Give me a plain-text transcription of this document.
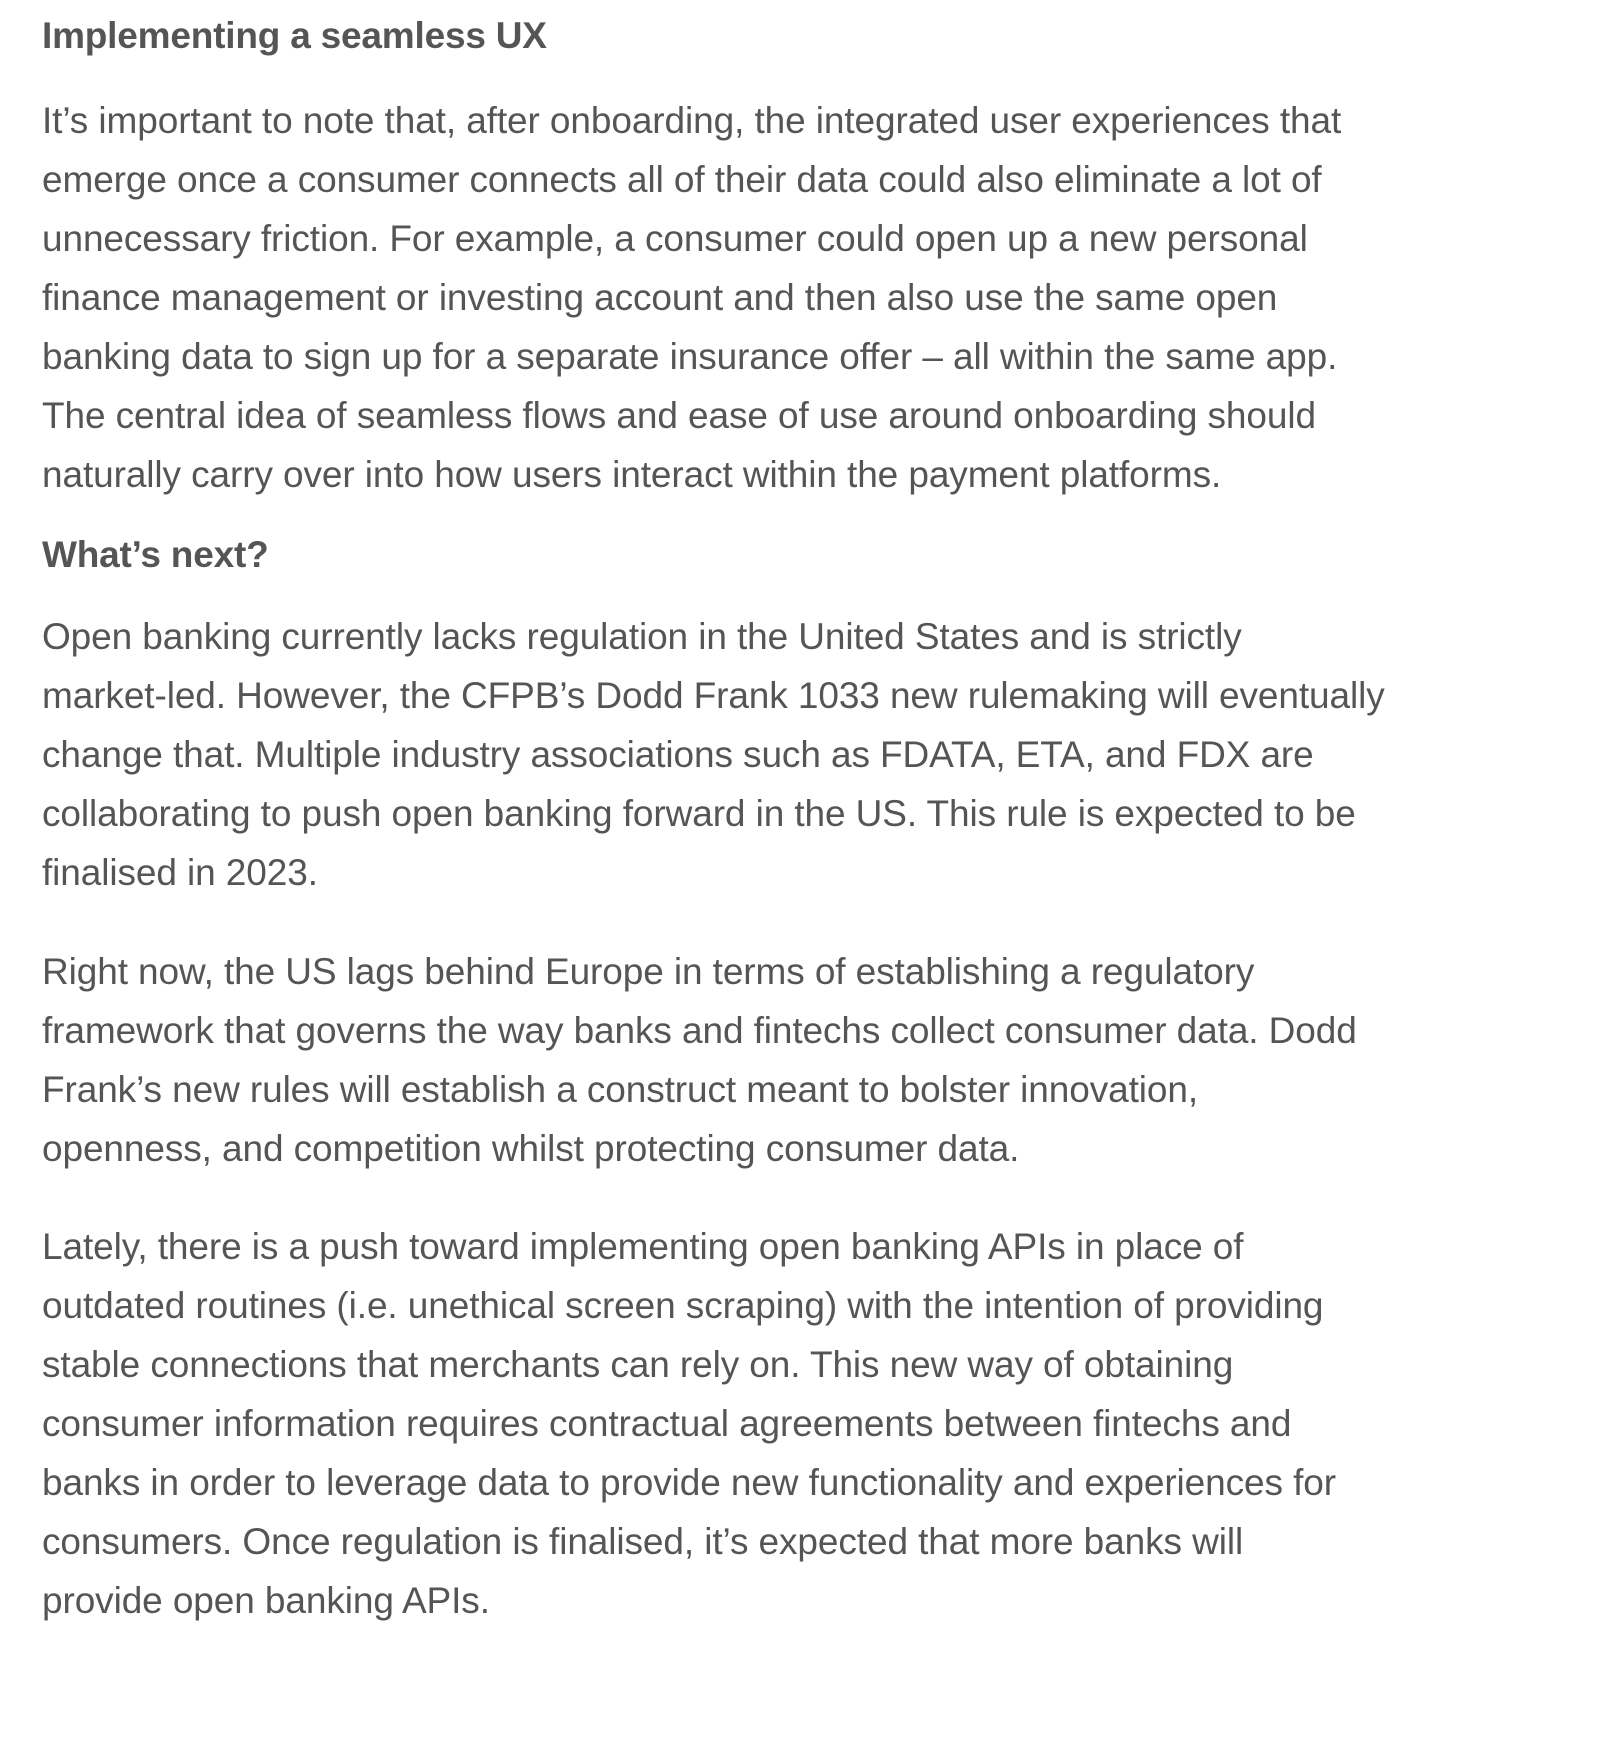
Implementing a seamless UX

It’s important to note that, after onboarding, the integrated user experiences that
emerge once a consumer connects all of their data could also eliminate a lot of
unnecessary friction. For example, a consumer could open up a new personal
finance management or investing account and then also use the same open
banking data to sign up for a separate insurance offer – all within the same app.
The central idea of seamless flows and ease of use around onboarding should
naturally carry over into how users interact within the payment platforms.

What’s next?

Open banking currently lacks regulation in the United States and is strictly
market-led. However, the CFPB’s Dodd Frank 1033 new rulemaking will eventually
change that. Multiple industry associations such as FDATA, ETA, and FDX are
collaborating to push open banking forward in the US. This rule is expected to be
finalised in 2023.

Right now, the US lags behind Europe in terms of establishing a regulatory
framework that governs the way banks and fintechs collect consumer data. Dodd
Frank’s new rules will establish a construct meant to bolster innovation,
openness, and competition whilst protecting consumer data.

Lately, there is a push toward implementing open banking APIs in place of
outdated routines (i.e. unethical screen scraping) with the intention of providing
stable connections that merchants can rely on. This new way of obtaining
consumer information requires contractual agreements between fintechs and
banks in order to leverage data to provide new functionality and experiences for
consumers. Once regulation is finalised, it’s expected that more banks will
provide open banking APIs.
